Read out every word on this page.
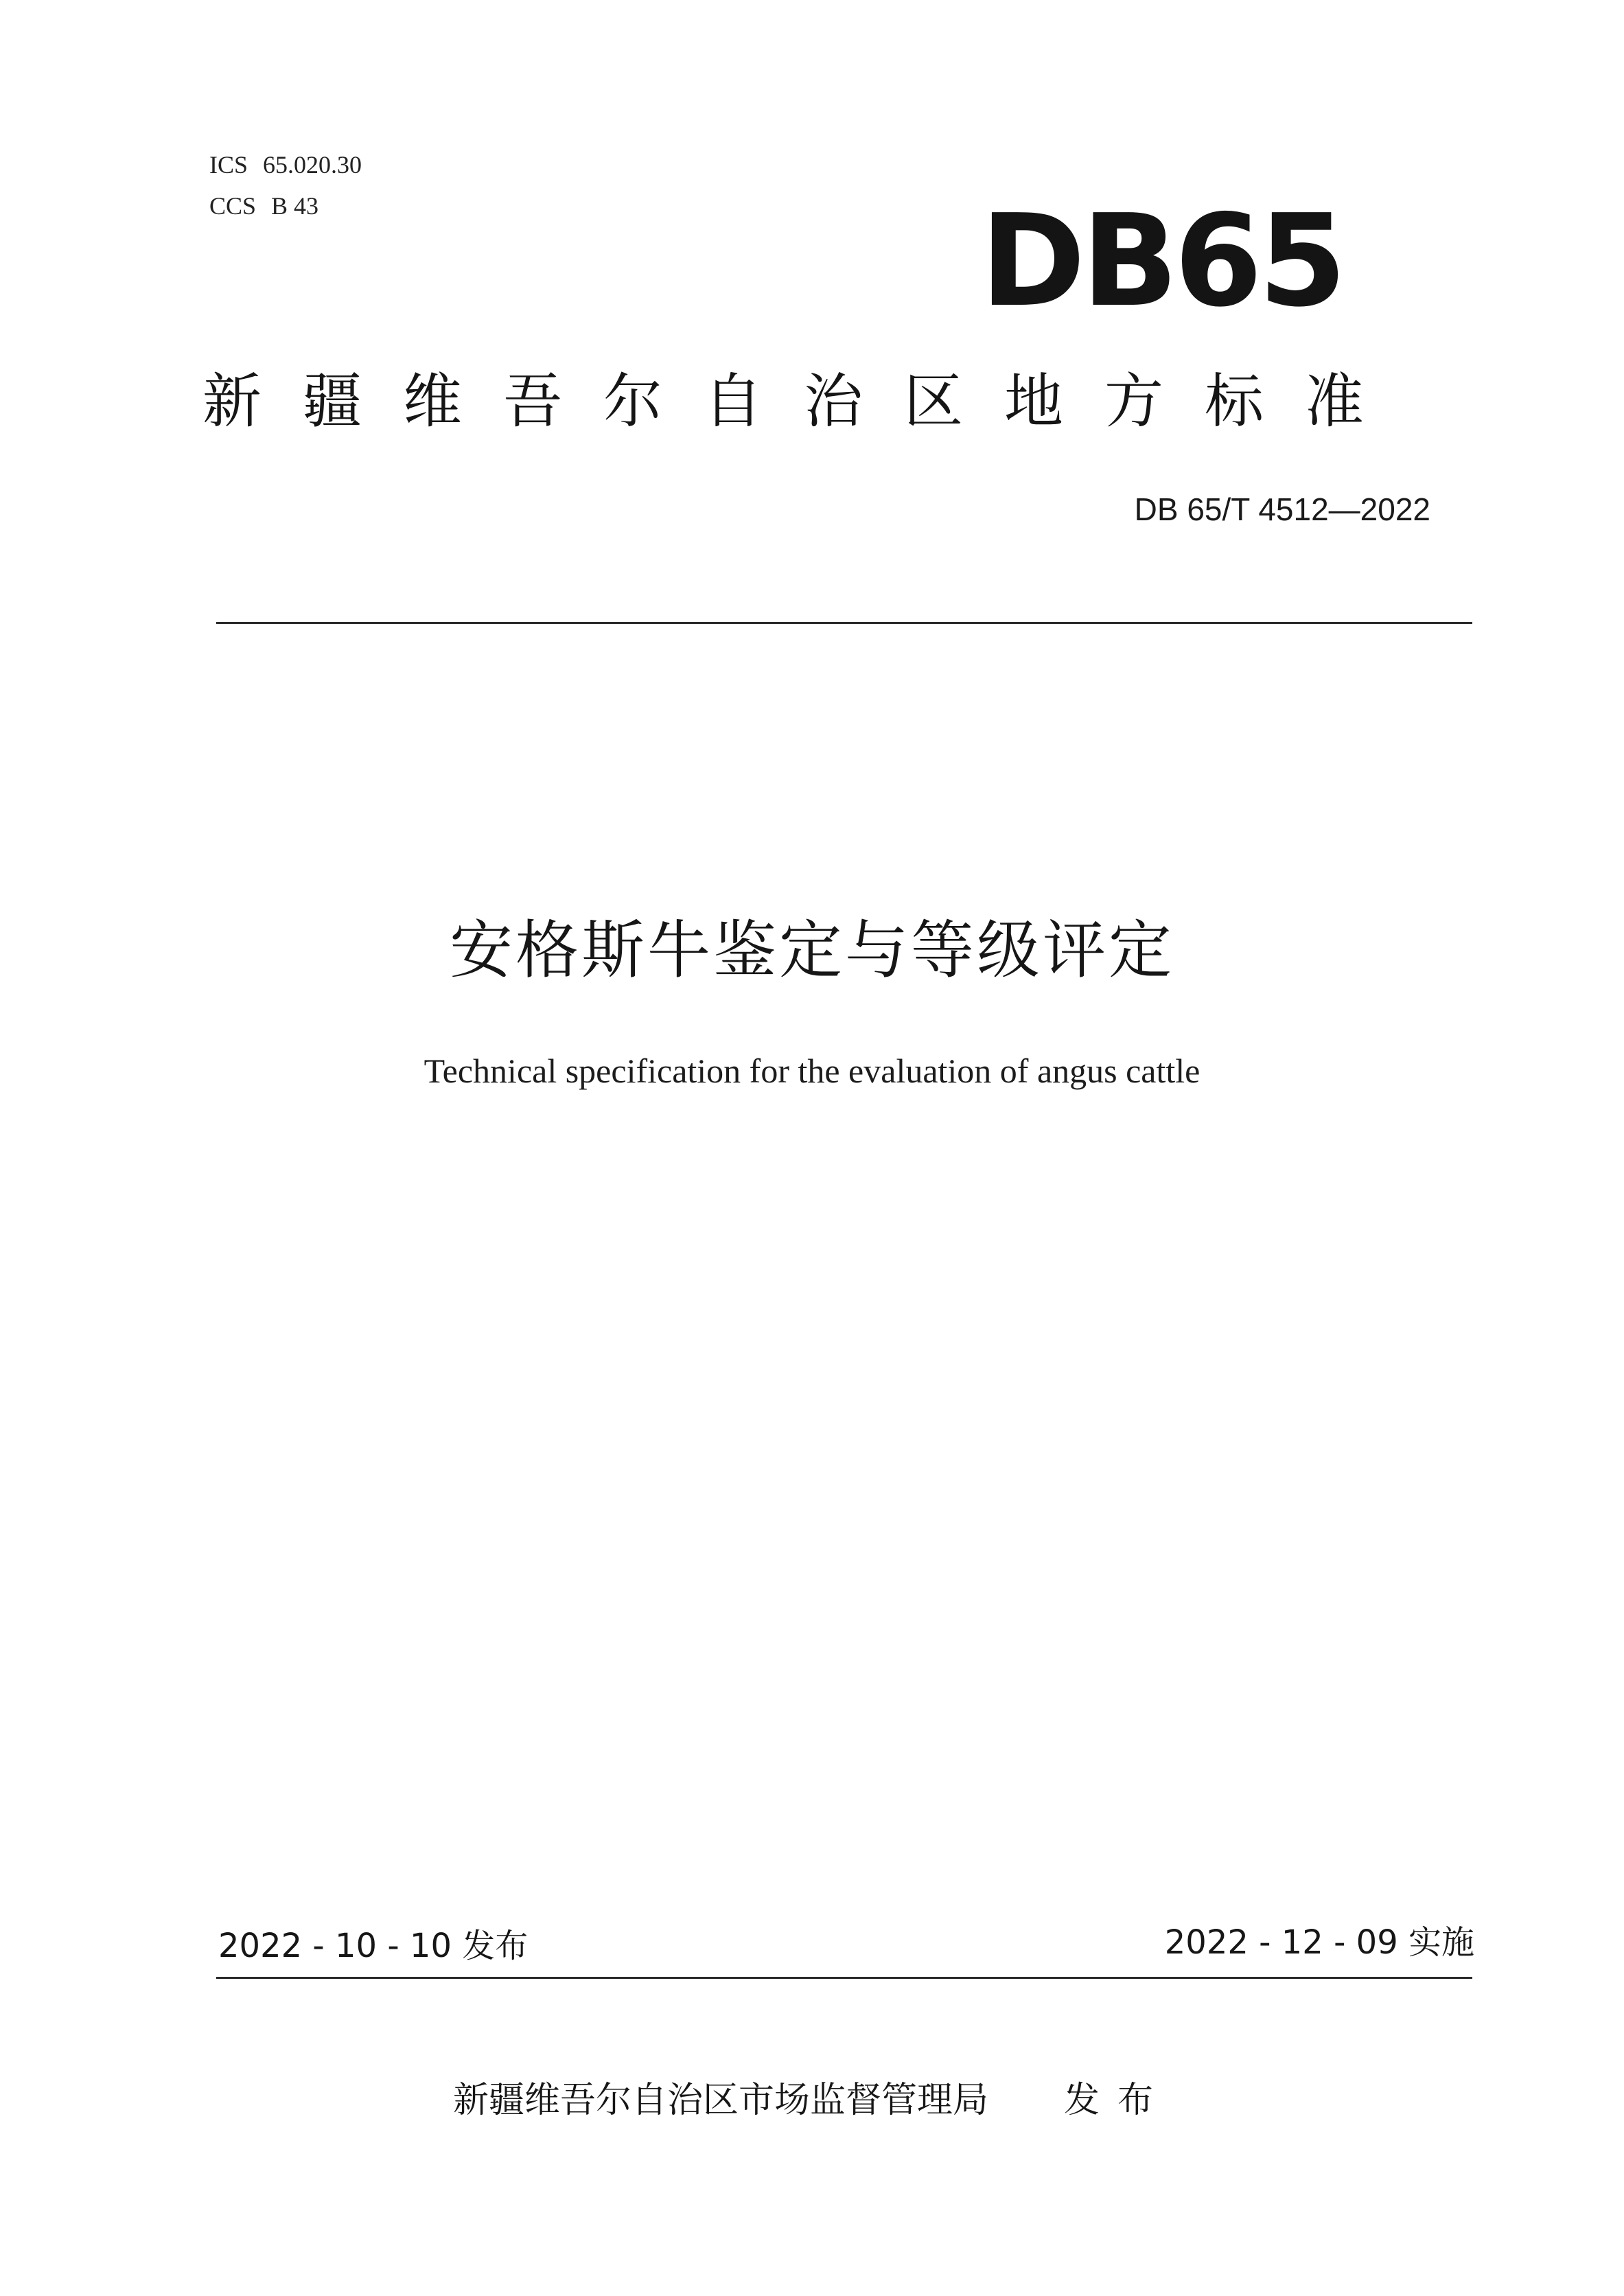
ICS 65.020.30
CCS B 43	DB65
新疆维吾尔自治区地方标准
DB 65/T 4512—2022
安格斯牛鉴定与等级评定
Technical specification for the evaluation of angus cattle
2022 - 10 - 10 发布	2022 - 12 - 09 实施
新疆维吾尔自治区市场监督管理局 发布
